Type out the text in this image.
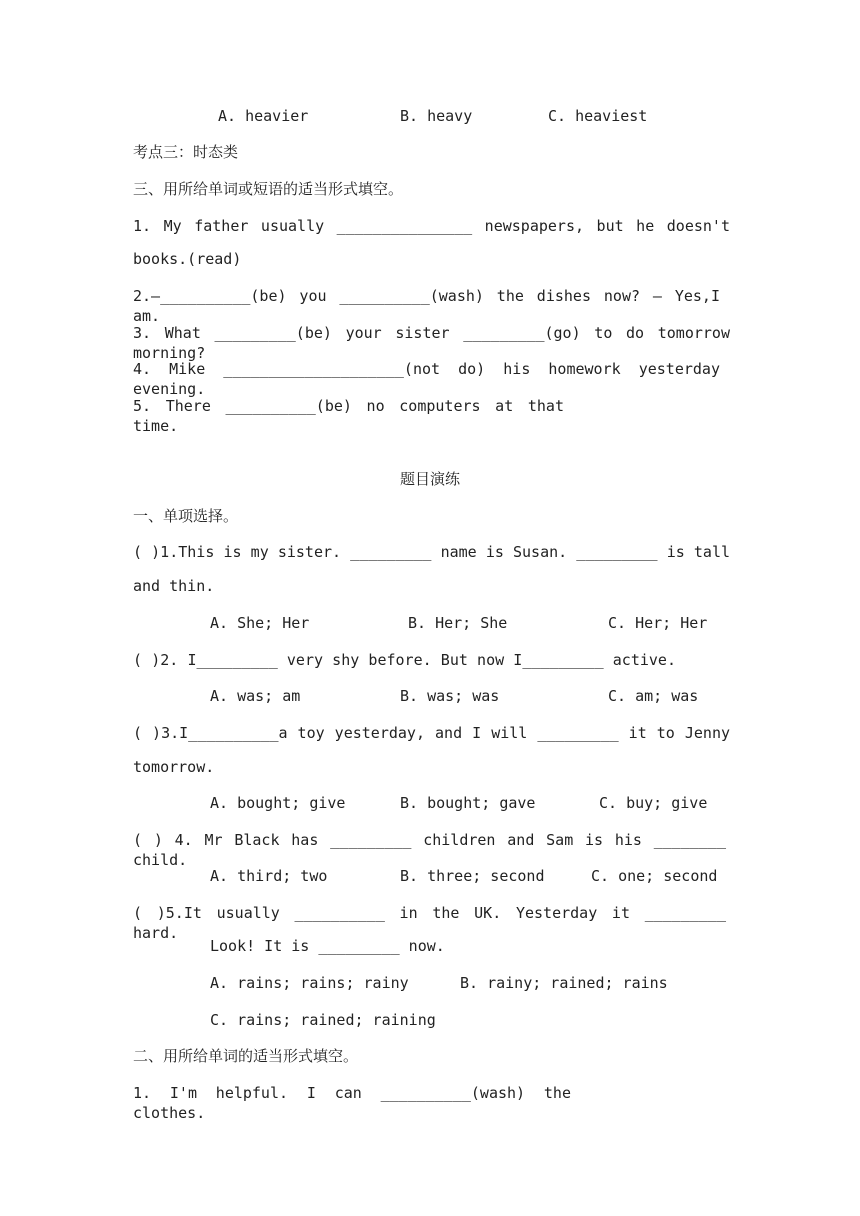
A. heavier	B. heavy	C. heaviest
考点三：时态类
三、用所给单词或短语的适当形式填空。
1. My father usually _______________ newspapers, but he doesn't
books.(read)
2.—__________(be) you __________(wash) the dishes now? — Yes,I am.
3. What _________(be) your sister _________(go) to do tomorrow morning?
4. Mike ____________________(not do) his homework yesterday evening.
5. There __________(be) no computers at that time.
题目演练
一、单项选择。
( )1.This is my sister. _________ name is Susan. _________ is tall
and thin.
A. She; Her	B. Her; She	C. Her; Her
( )2. I_________ very shy before. But now I_________ active.
A. was; am	B. was; was	C. am; was
( )3.I__________a toy yesterday, and I will _________ it to Jenny
tomorrow.
A. bought; give	B. bought; gave	C. buy; give
( ) 4. Mr Black has _________ children and Sam is his ________ child.
A. third; two	B. three; second	C. one; second
( )5.It usually __________ in the UK. Yesterday it _________ hard.
Look! It is _________ now.
A. rains; rains; rainy	B. rainy; rained; rains
C. rains; rained; raining
二、用所给单词的适当形式填空。
1. I'm helpful. I can __________(wash) the clothes.
